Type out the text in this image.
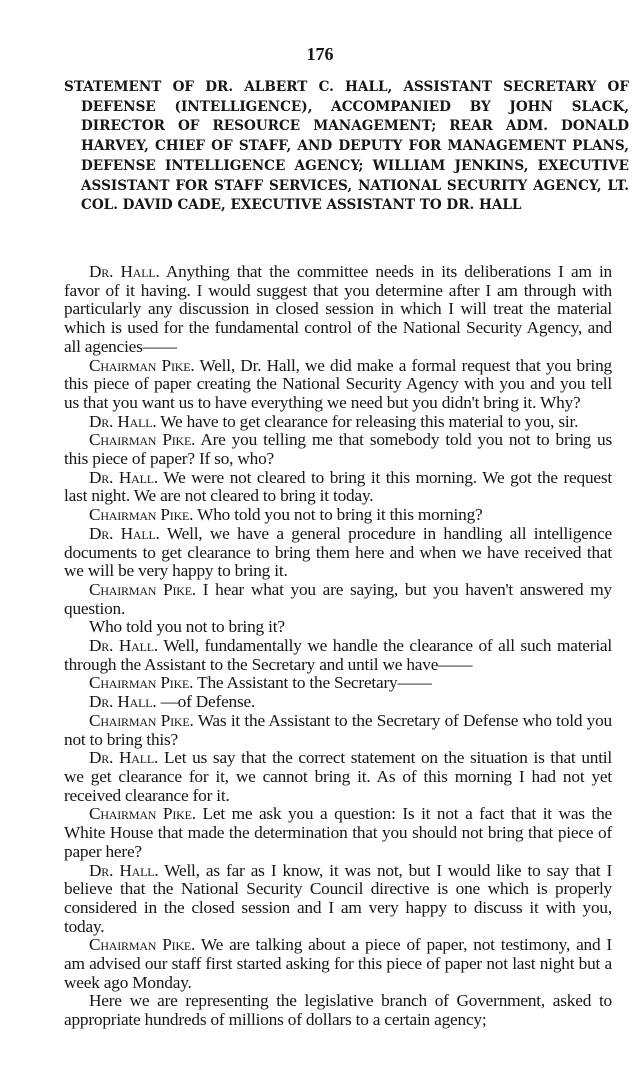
176
STATEMENT OF DR. ALBERT C. HALL, ASSISTANT SECRETARY OF DEFENSE (INTELLIGENCE), ACCOMPANIED BY JOHN SLACK, DIRECTOR OF RESOURCE MANAGEMENT; REAR ADM. DONALD HARVEY, CHIEF OF STAFF, AND DEPUTY FOR MANAGEMENT PLANS, DEFENSE INTELLIGENCE AGENCY; WILLIAM JENKINS, EXECUTIVE ASSISTANT FOR STAFF SERVICES, NATIONAL SECURITY AGENCY, LT. COL. DAVID CADE, EXECUTIVE ASSISTANT TO DR. HALL

Dr. Hall. Anything that the committee needs in its deliberations I am in favor of it having. I would suggest that you determine after I am through with particularly any discussion in closed session in which I will treat the material which is used for the fundamental control of the National Security Agency, and all agencies——

Chairman Pike. Well, Dr. Hall, we did make a formal request that you bring this piece of paper creating the National Security Agency with you and you tell us that you want us to have everything we need but you didn't bring it. Why?

Dr. Hall. We have to get clearance for releasing this material to you, sir.

Chairman Pike. Are you telling me that somebody told you not to bring us this piece of paper? If so, who?

Dr. Hall. We were not cleared to bring it this morning. We got the request last night. We are not cleared to bring it today.

Chairman Pike. Who told you not to bring it this morning?

Dr. Hall. Well, we have a general procedure in handling all intelligence documents to get clearance to bring them here and when we have received that we will be very happy to bring it.

Chairman Pike. I hear what you are saying, but you haven't answered my question.

Who told you not to bring it?

Dr. Hall. Well, fundamentally we handle the clearance of all such material through the Assistant to the Secretary and until we have——

Chairman Pike. The Assistant to the Secretary——

Dr. Hall. —of Defense.

Chairman Pike. Was it the Assistant to the Secretary of Defense who told you not to bring this?

Dr. Hall. Let us say that the correct statement on the situation is that until we get clearance for it, we cannot bring it. As of this morning I had not yet received clearance for it.

Chairman Pike. Let me ask you a question: Is it not a fact that it was the White House that made the determination that you should not bring that piece of paper here?

Dr. Hall. Well, as far as I know, it was not, but I would like to say that I believe that the National Security Council directive is one which is properly considered in the closed session and I am very happy to discuss it with you, today.

Chairman Pike. We are talking about a piece of paper, not testimony, and I am advised our staff first started asking for this piece of paper not last night but a week ago Monday.

Here we are representing the legislative branch of Government, asked to appropriate hundreds of millions of dollars to a certain agency;
